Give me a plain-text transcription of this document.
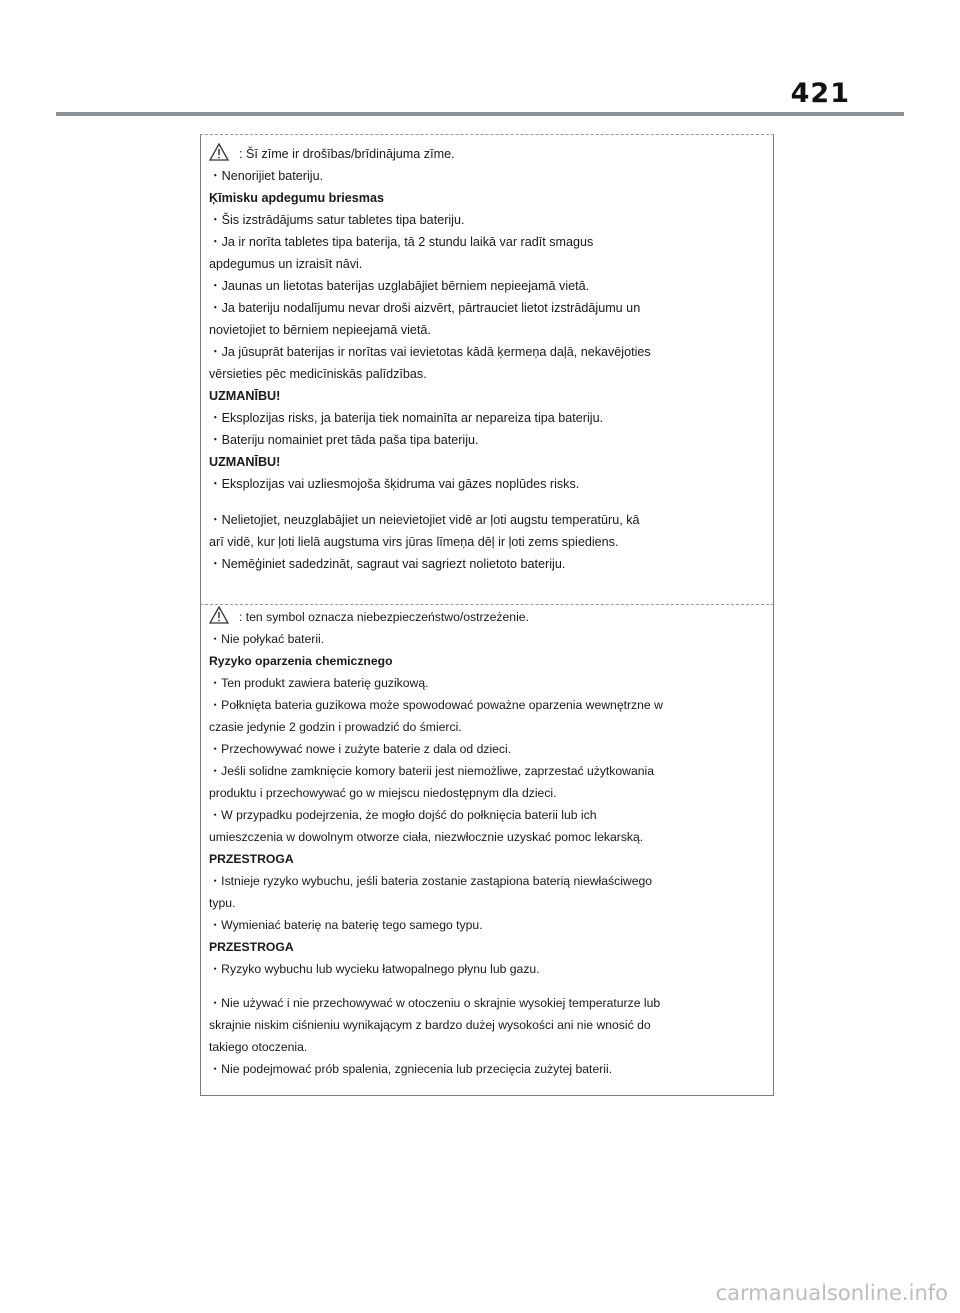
421
: Šī zīme ir drošības/brīdinājuma zīme.
・Nenorijiet bateriju.
Ķīmisku apdegumu briesmas
・Šis izstrādājums satur tabletes tipa bateriju.
・Ja ir norīta tabletes tipa baterija, tā 2 stundu laikā var radīt smagus
apdegumus un izraisīt nāvi.
・Jaunas un lietotas baterijas uzglabājiet bērniem nepieejamā vietā.
・Ja bateriju nodalījumu nevar droši aizvērt, pārtrauciet lietot izstrādājumu un
novietojiet to bērniem nepieejamā vietā.
・Ja jūsuprāt baterijas ir norītas vai ievietotas kādā ķermeņa daļā, nekavējoties
vērsieties pēc medicīniskās palīdzības.
UZMANĪBU!
・Eksplozijas risks, ja baterija tiek nomainīta ar nepareiza tipa bateriju.
・Bateriju nomainiet pret tāda paša tipa bateriju.
UZMANĪBU!
・Eksplozijas vai uzliesmojoša šķidruma vai gāzes noplūdes risks.
・Nelietojiet, neuzglabājiet un neievietojiet vidē ar ļoti augstu temperatūru, kā
arī vidē, kur ļoti lielā augstuma virs jūras līmeņa dēļ ir ļoti zems spiediens.
・Nemēģiniet sadedzināt, sagraut vai sagriezt nolietoto bateriju.
: ten symbol oznacza niebezpieczeństwo/ostrzeżenie.
・Nie połykać baterii.
Ryzyko oparzenia chemicznego
・Ten produkt zawiera baterię guzikową.
・Połknięta bateria guzikowa może spowodować poważne oparzenia wewnętrzne w
czasie jedynie 2 godzin i prowadzić do śmierci.
・Przechowywać nowe i zużyte baterie z dala od dzieci.
・Jeśli solidne zamknięcie komory baterii jest niemożliwe, zaprzestać użytkowania
produktu i przechowywać go w miejscu niedostępnym dla dzieci.
・W przypadku podejrzenia, że mogło dojść do połknięcia baterii lub ich
umieszczenia w dowolnym otworze ciała, niezwłocznie uzyskać pomoc lekarską.
PRZESTROGA
・Istnieje ryzyko wybuchu, jeśli bateria zostanie zastąpiona baterią niewłaściwego
typu.
・Wymieniać baterię na baterię tego samego typu.
PRZESTROGA
・Ryzyko wybuchu lub wycieku łatwopalnego płynu lub gazu.
・Nie używać i nie przechowywać w otoczeniu o skrajnie wysokiej temperaturze lub
skrajnie niskim ciśnieniu wynikającym z bardzo dużej wysokości ani nie wnosić do
takiego otoczenia.
・Nie podejmować prób spalenia, zgniecenia lub przecięcia zużytej baterii.
carmanualsonline.info
